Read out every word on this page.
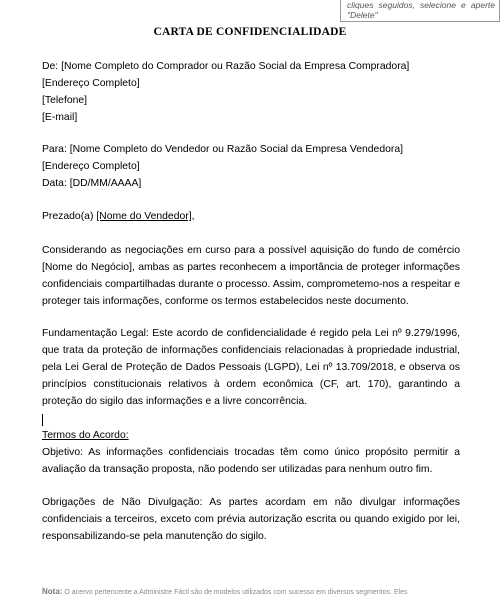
cliques seguidos, selecione e aperte "Delete"
CARTA DE CONFIDENCIALIDADE

De: [Nome Completo do Comprador ou Razão Social da Empresa Compradora]

[Endereço Completo]

[Telefone]

[E-mail]

Para: [Nome Completo do Vendedor ou Razão Social da Empresa Vendedora]

[Endereço Completo]

Data: [DD/MM/AAAA]

Prezado(a) [Nome do Vendedor],

Considerando as negociações em curso para a possível aquisição do fundo de comércio [Nome do Negócio], ambas as partes reconhecem a importância de proteger informações confidenciais compartilhadas durante o processo. Assim, comprometemo-nos a respeitar e proteger tais informações, conforme os termos estabelecidos neste documento.

Fundamentação Legal: Este acordo de confidencialidade é regido pela Lei nº 9.279/1996, que trata da proteção de informações confidenciais relacionadas à propriedade industrial, pela Lei Geral de Proteção de Dados Pessoais (LGPD), Lei nº 13.709/2018, e observa os princípios constitucionais relativos à ordem econômica (CF, art. 170), garantindo a proteção do sigilo das informações e a livre concorrência.

Termos do Acordo:

Objetivo: As informações confidenciais trocadas têm como único propósito permitir a avaliação da transação proposta, não podendo ser utilizadas para nenhum outro fim.

Obrigações de Não Divulgação: As partes acordam em não divulgar informações confidenciais a terceiros, exceto com prévia autorização escrita ou quando exigido por lei, responsabilizando-se pela manutenção do sigilo.

Nota: O acervo pertencente a Administre Fácil são de modelos utilizados com sucesso em diversos segmentos. Eles
